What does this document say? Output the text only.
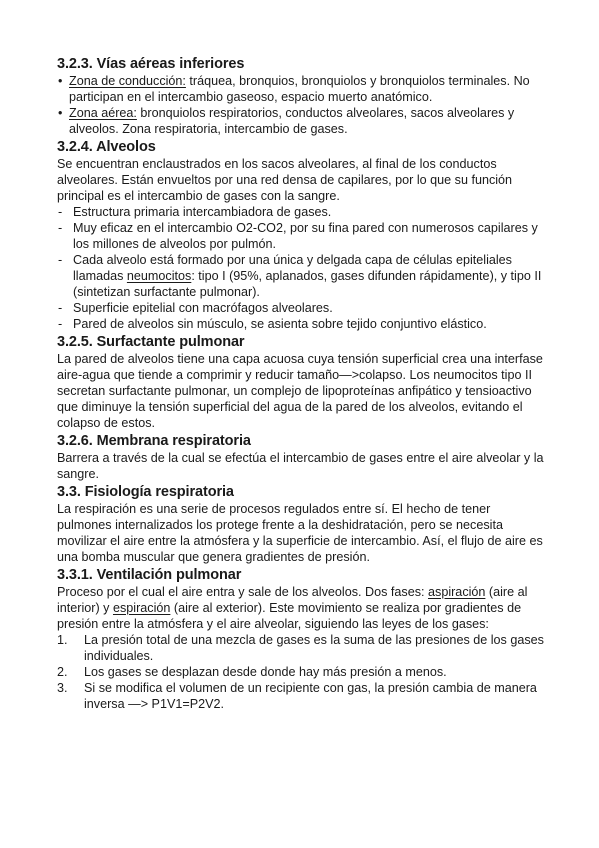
3.2.3. Vías aéreas inferiores
• Zona de conducción: tráquea, bronquios, bronquiolos y bronquiolos terminales. No participan en el intercambio gaseoso, espacio muerto anatómico.
• Zona aérea: bronquiolos respiratorios, conductos alveolares, sacos alveolares y alveolos. Zona respiratoria, intercambio de gases.
3.2.4. Alveolos

Se encuentran enclaustrados en los sacos alveolares, al final de los conductos alveolares. Están envueltos por una red densa de capilares, por lo que su función principal es el intercambio de gases con la sangre.

- Estructura primaria intercambiadora de gases.
- Muy eficaz en el intercambio O2-CO2, por su fina pared con numerosos capilares y los millones de alveolos por pulmón.
- Cada alveolo está formado por una única y delgada capa de células epiteliales llamadas neumocitos: tipo I (95%, aplanados, gases difunden rápidamente), y tipo II (sintetizan surfactante pulmonar).
- Superficie epitelial con macrófagos alveolares.
- Pared de alveolos sin músculo, se asienta sobre tejido conjuntivo elástico.
3.2.5. Surfactante pulmonar

La pared de alveolos tiene una capa acuosa cuya tensión superficial crea una interfase aire-agua que tiende a comprimir y reducir tamaño—>colapso. Los neumocitos tipo II secretan surfactante pulmonar, un complejo de lipoproteínas anfipático y tensioactivo que diminuye la tensión superficial del agua de la pared de los alveolos, evitando el colapso de estos.

3.2.6. Membrana respiratoria

Barrera a través de la cual se efectúa el intercambio de gases entre el aire alveolar y la sangre.

3.3. Fisiología respiratoria

La respiración es una serie de procesos regulados entre sí. El hecho de tener pulmones internalizados los protege frente a la deshidratación, pero se necesita movilizar el aire entre la atmósfera y la superficie de intercambio. Así, el flujo de aire es una bomba muscular que genera gradientes de presión.

3.3.1. Ventilación pulmonar

Proceso por el cual el aire entra y sale de los alveolos. Dos fases: aspiración (aire al interior) y espiración (aire al exterior). Este movimiento se realiza por gradientes de presión entre la atmósfera y el aire alveolar, siguiendo las leyes de los gases:

1. La presión total de una mezcla de gases es la suma de las presiones de los gases individuales.
2. Los gases se desplazan desde donde hay más presión a menos.
3. Si se modifica el volumen de un recipiente con gas, la presión cambia de manera inversa —> P1V1=P2V2.
